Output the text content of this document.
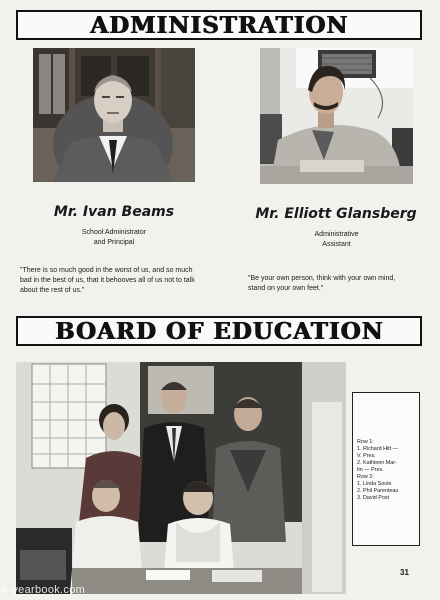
ADMINISTRATION
Mr. Ivan Beams
School Administrator
and Principal
"There is so much good in the worst of us, and so much
bad in the best of us, that it behooves all of us not to talk
about the rest of us."
Mr. Elliott Glansberg
Administrative
Assistant
"Be your own person, think with your own mind,
stand on your own feet."
BOARD OF EDUCATION
Row 1:
1. Richard Hitt —
V. Pres.
2. Kathleen Mar-
tin — Pres.
Row 2:
1. Linda Soule
2. Phil Parenteau
3. David Post
31
e-yearbook.com
